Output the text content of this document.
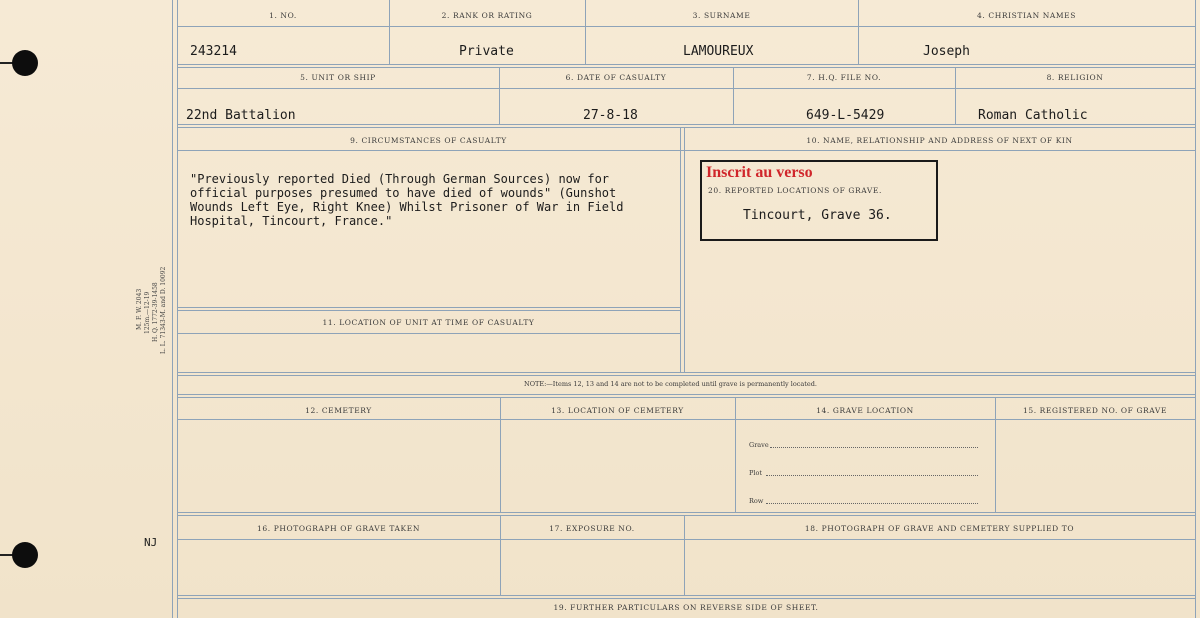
M. F. W. 2043 125m.—12-19 H. Q. 1772-39-1458 L. L. 71343-M. and D. 10092
NJ
1. NO.	2. RANK OR RATING	3. SURNAME	4. CHRISTIAN NAMES
243214	Private	LAMOUREUX	Joseph
5. UNIT OR SHIP	6. DATE OF CASUALTY	7. H.Q. FILE NO.	8. RELIGION
22nd Battalion	27-8-18	649-L-5429	Roman Catholic
9. CIRCUMSTANCES OF CASUALTY	10. NAME, RELATIONSHIP AND ADDRESS OF NEXT OF KIN
"Previously reported Died (Through German Sources) now for
official purposes presumed to have died of wounds" (Gunshot
Wounds Left Eye, Right Knee) Whilst Prisoner of War in Field
Hospital, Tincourt, France."
Inscrit au verso
20. REPORTED LOCATIONS OF GRAVE.
Tincourt, Grave 36.
11. LOCATION OF UNIT AT TIME OF CASUALTY
NOTE:—Items 12, 13 and 14 are not to be completed until grave is permanently located.
12. CEMETERY	13. LOCATION OF CEMETERY	14. GRAVE LOCATION	15. REGISTERED NO. OF GRAVE
Grave
Plot
Row
16. PHOTOGRAPH OF GRAVE TAKEN	17. EXPOSURE NO.	18. PHOTOGRAPH OF GRAVE AND CEMETERY SUPPLIED TO
19. FURTHER PARTICULARS ON REVERSE SIDE OF SHEET.
